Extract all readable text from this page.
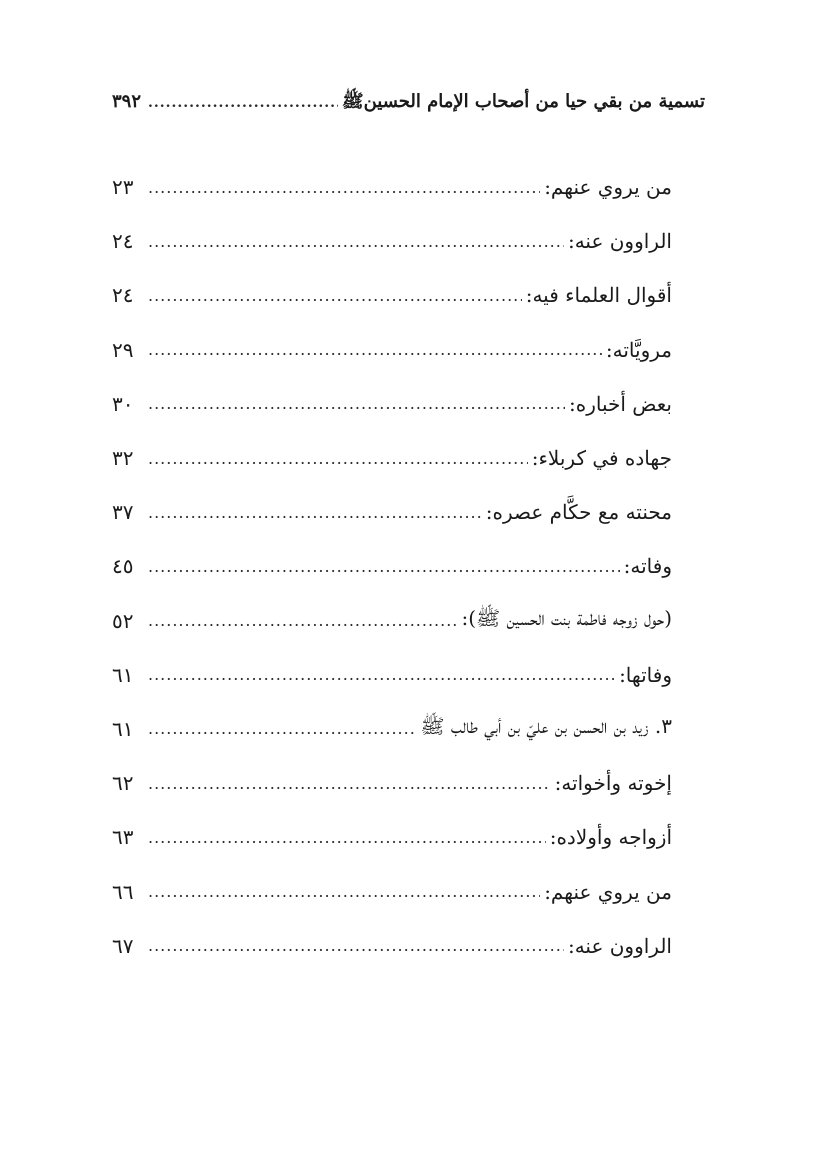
تسمية من بقي حيا من أصحاب الإمام الحسينﷺ
.....
٣٩٢
من يروي عنهم:
.....
٢٣
الراوون عنه:
.....
٢٤
أقوال العلماء فيه:
.....
٢٤
مرويَّاته:
.....
٢٩
بعض أخباره:
.....
٣٠
جهاده في كربلاء:
.....
٣٢
محنته مع حكَّام عصره:
.....
٣٧
وفاته:
.....
٤٥
(حول زوجه فاطمة بنت الحسين ﷺ):
.....
٥٢
وفاتها:
.....
٦١
٣. زيد بن الحسن بن عليّ بن أبي طالب ﷺ
.....
٦١
إخوته وأخواته:
.....
٦٢
أزواجه وأولاده:
.....
٦٣
من يروي عنهم:
.....
٦٦
الراوون عنه:
.....
٦٧
